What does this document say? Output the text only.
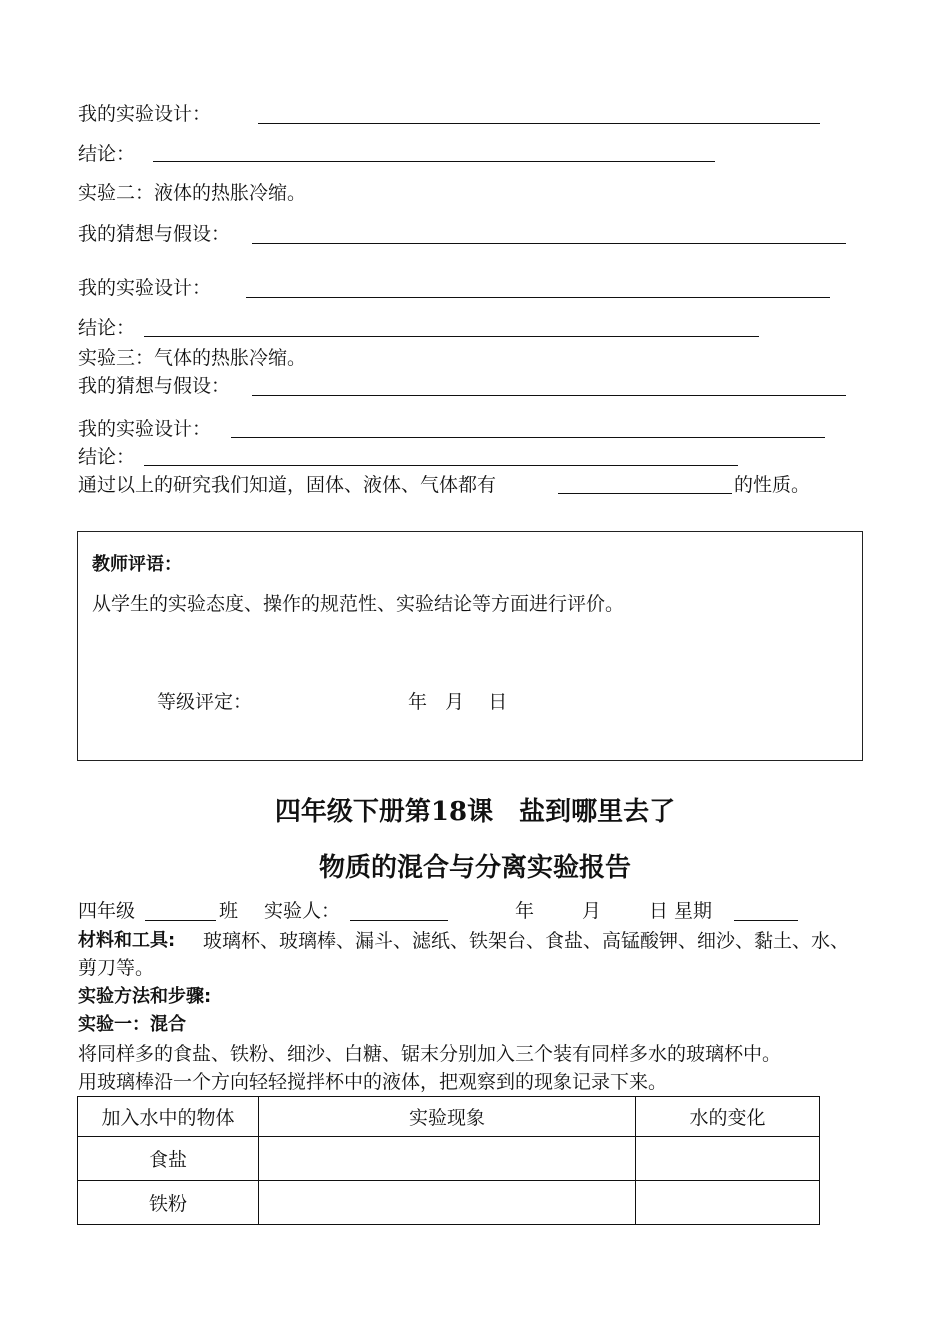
我的实验设计：
结论：
实验二：液体的热胀冷缩。
我的猜想与假设：
我的实验设计：
结论：
实验三：气体的热胀冷缩。
我的猜想与假设：
我的实验设计：
结论：
通过以上的研究我们知道，固体、液体、气体都有	的性质。
教师评语：
从学生的实验态度、操作的规范性、实验结论等方面进行评价。
等级评定：	年   月    日
四年级下册第18课　盐到哪里去了
物质的混合与分离实验报告
四年级	班 实验人：	年	月	日 星期
材料和工具: 玻璃杯、玻璃棒、漏斗、滤纸、铁架台、食盐、高锰酸钾、细沙、黏土、水、
剪刀等。
实验方法和步骤:
实验一：混合
将同样多的食盐、铁粉、细沙、白糖、锯末分别加入三个装有同样多水的玻璃杯中。
用玻璃棒沿一个方向轻轻搅拌杯中的液体，把观察到的现象记录下来。
加入水中的物体	实验现象	水的变化
食盐		
铁粉		
